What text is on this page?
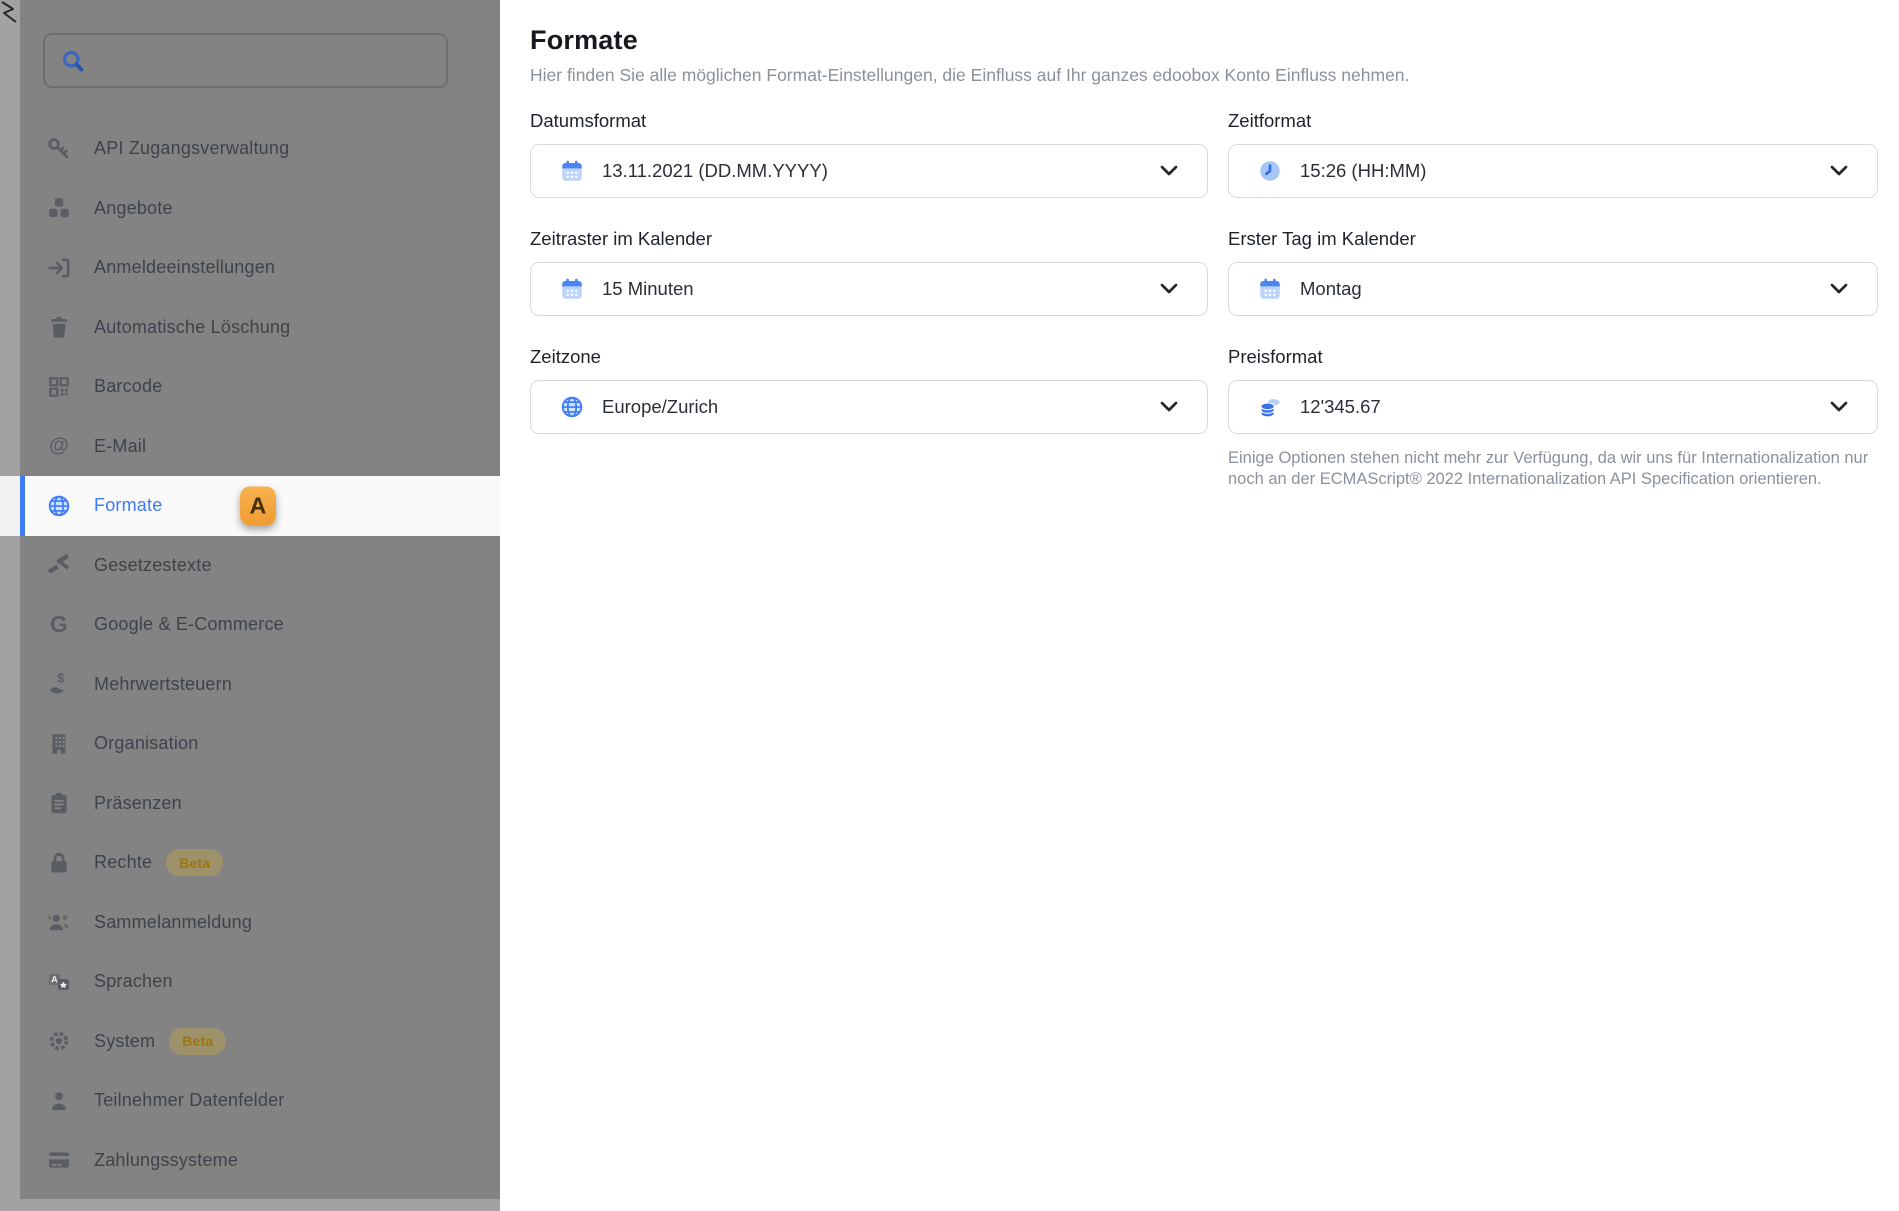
API Zugangsverwaltung
Angebote
Anmeldeeinstellungen
Automatische Löschung
Barcode
@ E-Mail
Formate	A
Gesetzestexte
G Google & E-Commerce
$ Mehrwertsteuern
Organisation
Präsenzen
Rechte	Beta
Sammelanmeldung
A Sprachen
System	Beta
Teilnehmer Datenfelder
Zahlungssysteme
Formate

Hier finden Sie alle möglichen Format-Einstellungen, die Einfluss auf Ihr ganzes edoobox Konto Einfluss nehmen.

Datumsformat
13.11.2021 (DD.MM.YYYY)
Zeitformat
15:26 (HH:MM)
Zeitraster im Kalender
15 Minuten
Erster Tag im Kalender
Montag
Zeitzone
Europe/Zurich
Preisformat
12'345.67

Einige Optionen stehen nicht mehr zur Verfügung, da wir uns für Internationalization nur noch an der ECMAScript® 2022 Internationalization API Specification orientieren.
